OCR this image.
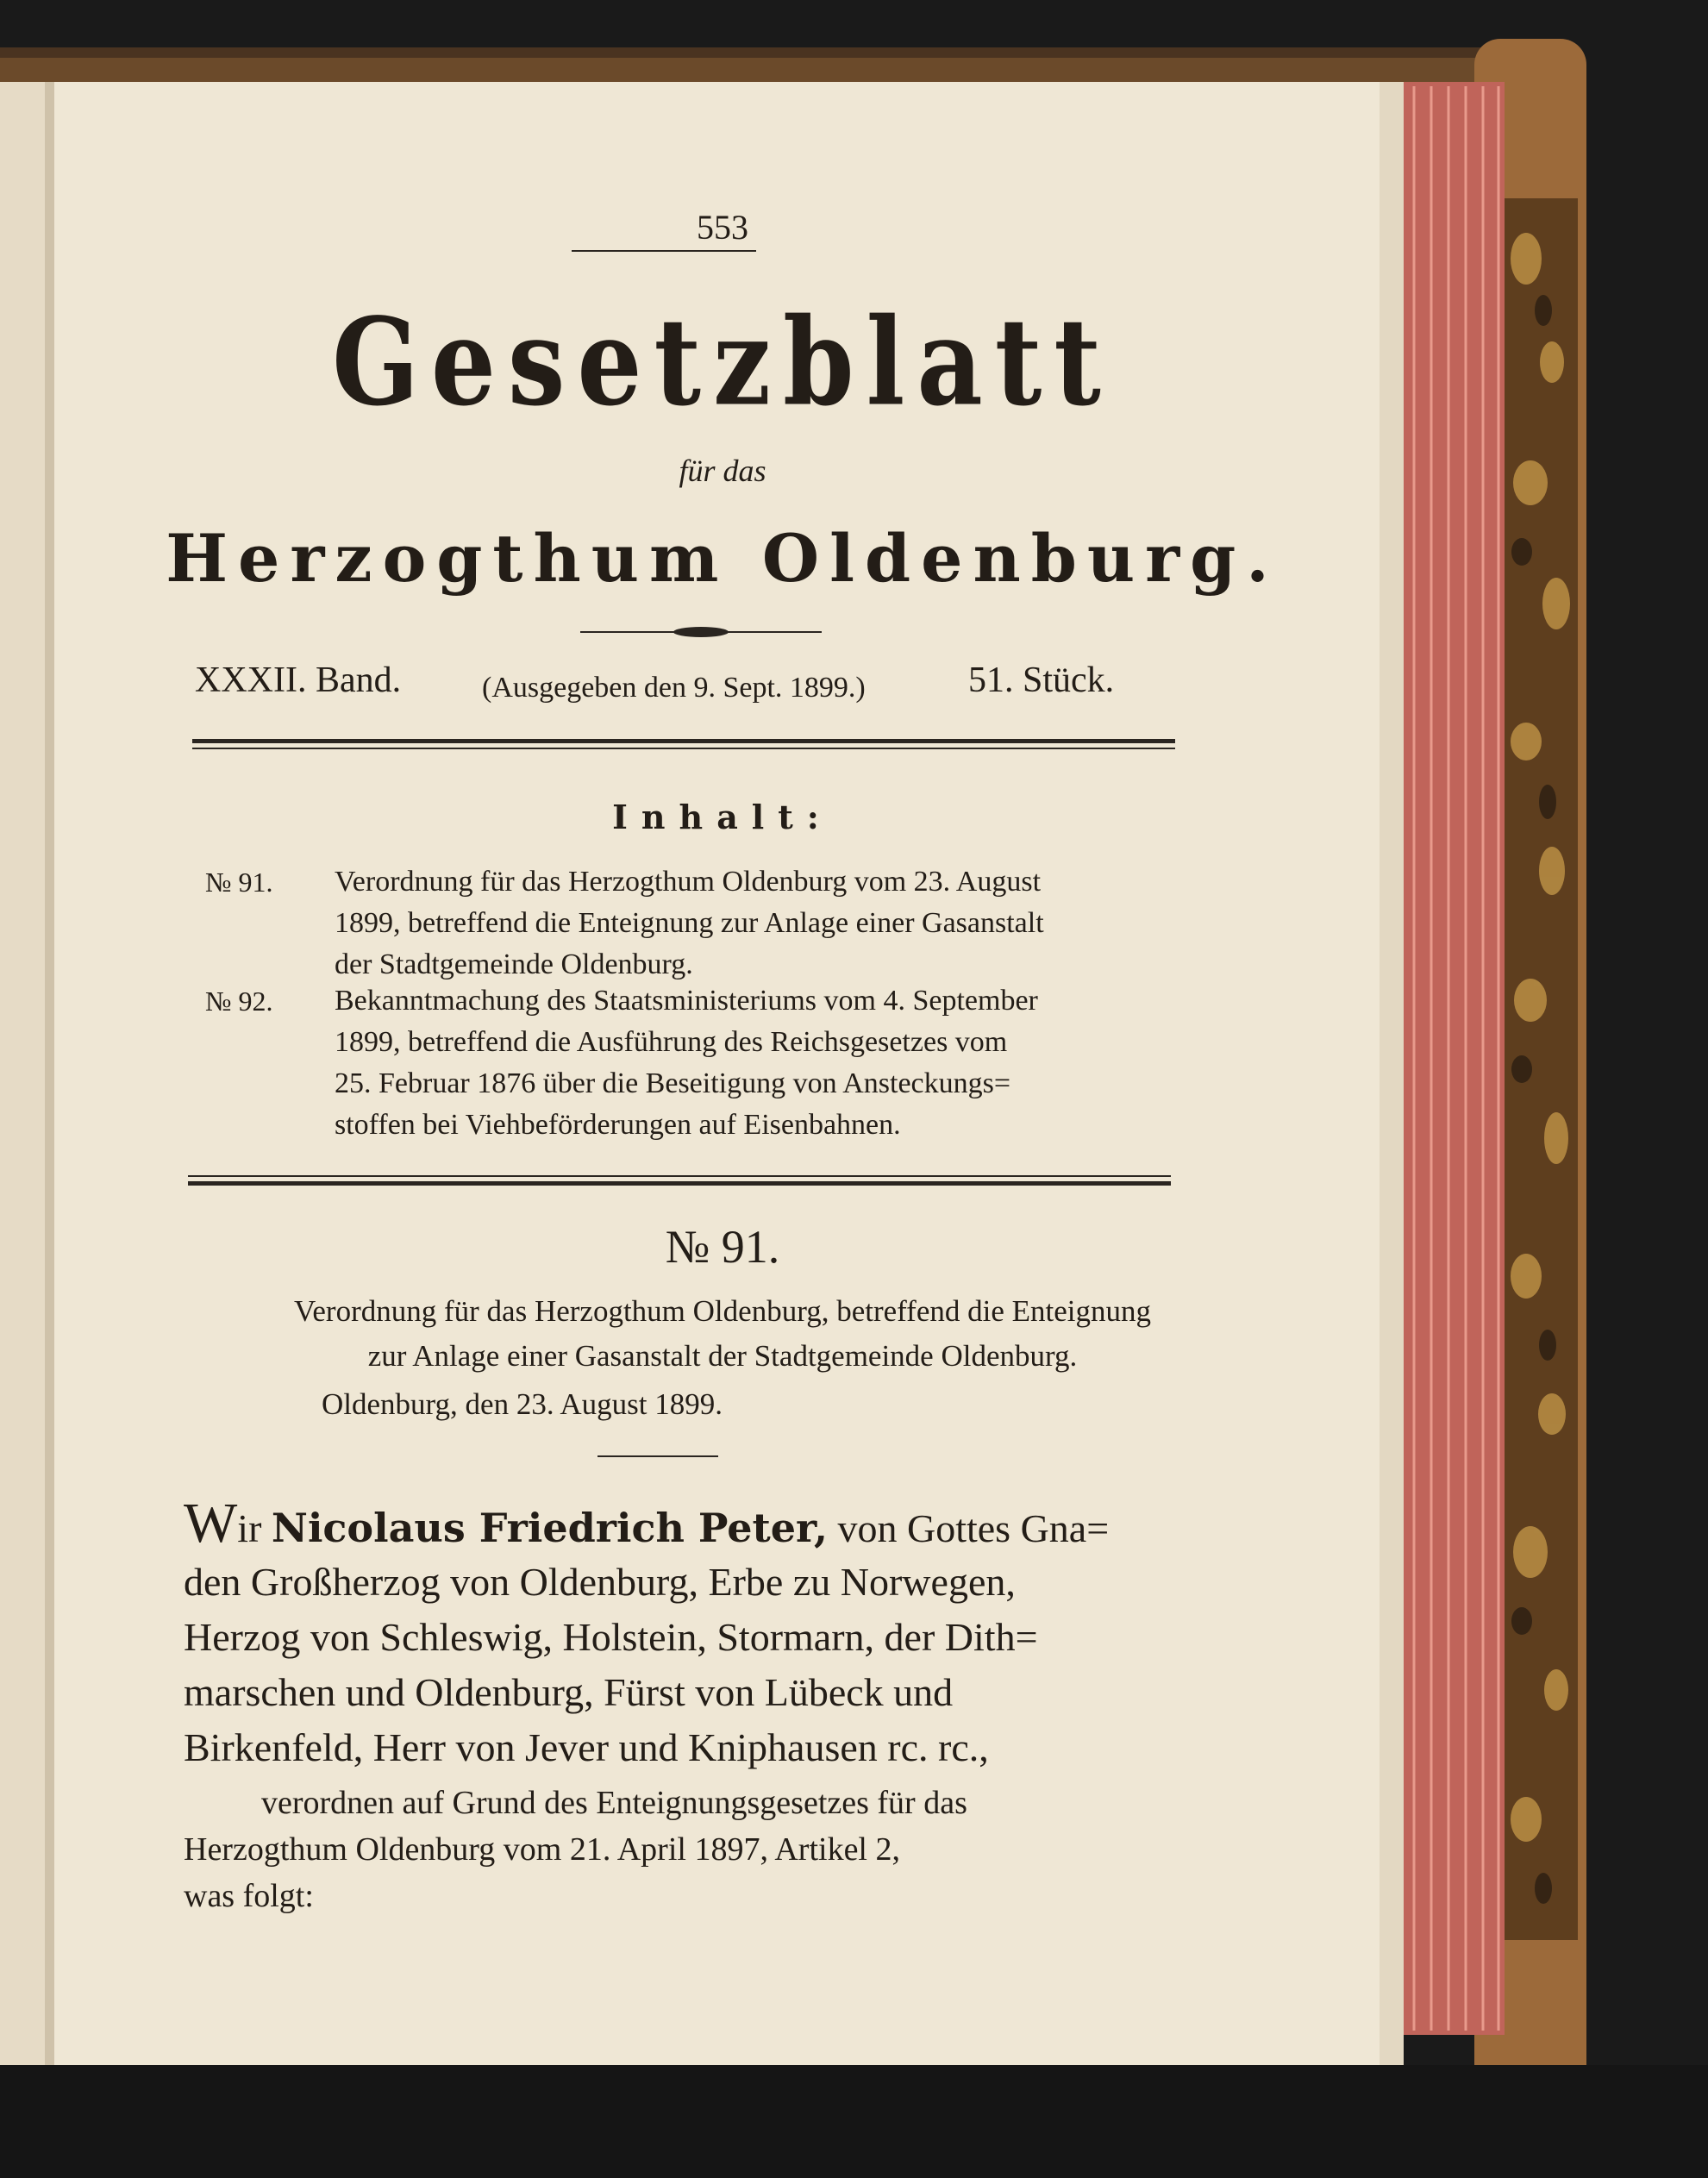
553
Gesetzblatt
für das
Herzogthum Oldenburg.
XXXII. Band.	(Ausgegeben den 9. Sept. 1899.)	51. Stück.
Inhalt:
№ 91. Verordnung für das Herzogthum Oldenburg vom 23. August
1899, betreffend die Enteignung zur Anlage einer Gasanstalt
der Stadtgemeinde Oldenburg.
№ 92. Bekanntmachung des Staatsministeriums vom 4. September
1899, betreffend die Ausführung des Reichsgesetzes vom
25. Februar 1876 über die Beseitigung von Ansteckungs=
stoffen bei Viehbeförderungen auf Eisenbahnen.
№ 91.
Verordnung für das Herzogthum Oldenburg, betreffend die Enteignung
zur Anlage einer Gasanstalt der Stadtgemeinde Oldenburg.
Oldenburg, den 23. August 1899.
Wir Nicolaus Friedrich Peter, von Gottes Gna=
den Großherzog von Oldenburg, Erbe zu Norwegen,
Herzog von Schleswig, Holstein, Stormarn, der Dith=
marschen und Oldenburg, Fürst von Lübeck und
Birkenfeld, Herr von Jever und Kniphausen rc. rc.,
verordnen auf Grund des Enteignungsgesetzes für das
Herzogthum Oldenburg vom 21. April 1897, Artikel 2,
was folgt:
